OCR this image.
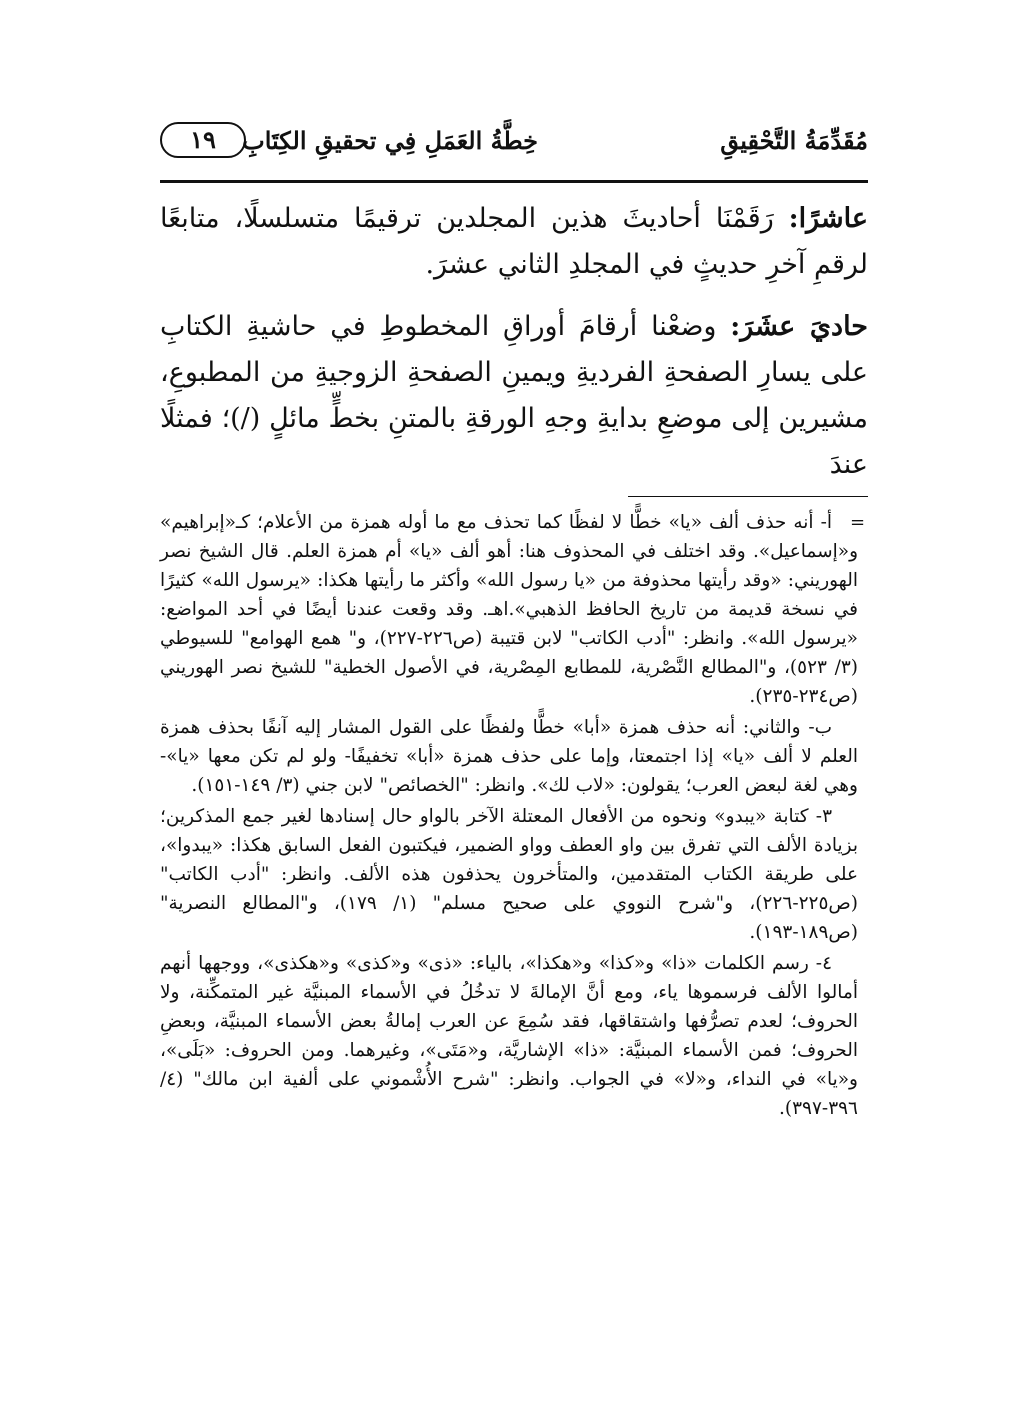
مُقَدِّمَةُ التَّحْقِيقِ
خِطَّةُ العَمَلِ فِي تحقيقِ الكِتَابِ
١٩

عاشرًا: رَقَمْنَا أحاديثَ هذين المجلدين ترقيمًا متسلسلًا، متابعًا لرقمِ آخرِ حديثٍ في المجلدِ الثاني عشرَ.

حاديَ عشَرَ: وضعْنا أرقامَ أوراقِ المخطوطِ في حاشيةِ الكتابِ على يسارِ الصفحةِ الفرديةِ ويمينِ الصفحةِ الزوجيةِ من المطبوعِ، مشيرين إلى موضعِ بدايةِ وجهِ الورقةِ بالمتنِ بخطٍّ مائلٍ (/)؛ فمثلًا عندَ

=

أ- أنه حذف ألف «يا» خطًّا لا لفظًا كما تحذف مع ما أوله همزة من الأعلام؛ كـ«إبراهيم» و«إسماعيل». وقد اختلف في المحذوف هنا: أهو ألف «يا» أم همزة العلم. قال الشيخ نصر الهوريني: «وقد رأيتها محذوفة من «يا رسول الله» وأكثر ما رأيتها هكذا: «يرسول الله» كثيرًا في نسخة قديمة من تاريخ الحافظ الذهبي».اهـ. وقد وقعت عندنا أيضًا في أحد المواضع: «يرسول الله». وانظر: "أدب الكاتب" لابن قتيبة (ص٢٢٦-٢٢٧)، و" همع الهوامع" للسيوطي (٣/ ٥٢٣)، و"المطالع النَّصْرية، للمطابع المِصْرية، في الأصول الخطية" للشيخ نصر الهوريني (ص٢٣٤-٢٣٥).

ب- والثاني: أنه حذف همزة «أبا» خطًّا ولفظًا على القول المشار إليه آنفًا بحذف همزة العلم لا ألف «يا» إذا اجتمعتا، وإما على حذف همزة «أبا» تخفيفًا- ولو لم تكن معها «يا»- وهي لغة لبعض العرب؛ يقولون: «لاب لك». وانظر: "الخصائص" لابن جني (٣/ ١٤٩-١٥١).

٣- كتابة «يبدو» ونحوه من الأفعال المعتلة الآخر بالواو حال إسنادها لغير جمع المذكرين؛ بزيادة الألف التي تفرق بين واو العطف وواو الضمير، فيكتبون الفعل السابق هكذا: «يبدوا»، على طريقة الكتاب المتقدمين، والمتأخرون يحذفون هذه الألف. وانظر: "أدب الكاتب" (ص٢٢٥-٢٢٦)، و"شرح النووي على صحيح مسلم" (١/ ١٧٩)، و"المطالع النصرية" (ص١٨٩-١٩٣).

٤- رسم الكلمات «ذا» و«كذا» و«هكذا»، بالياء: «ذى» و«كذى» و«هكذى»، ووجهها أنهم أمالوا الألف فرسموها ياء، ومع أنَّ الإمالةَ لا تدخُلُ في الأسماء المبنيَّة غير المتمكِّنة، ولا الحروف؛ لعدم تصرُّفها واشتقاقها، فقد سُمِعَ عن العرب إمالةُ بعض الأسماء المبنيَّة، وبعضِ الحروف؛ فمن الأسماء المبنيَّة: «ذا» الإشاريَّة، و«مَتَى»، وغيرهما. ومن الحروف: «بَلَى»، و«يا» في النداء، و«لا» في الجواب. وانظر: "شرح الأُشْموني على ألفية ابن مالك" (٤/ ٣٩٦-٣٩٧).
